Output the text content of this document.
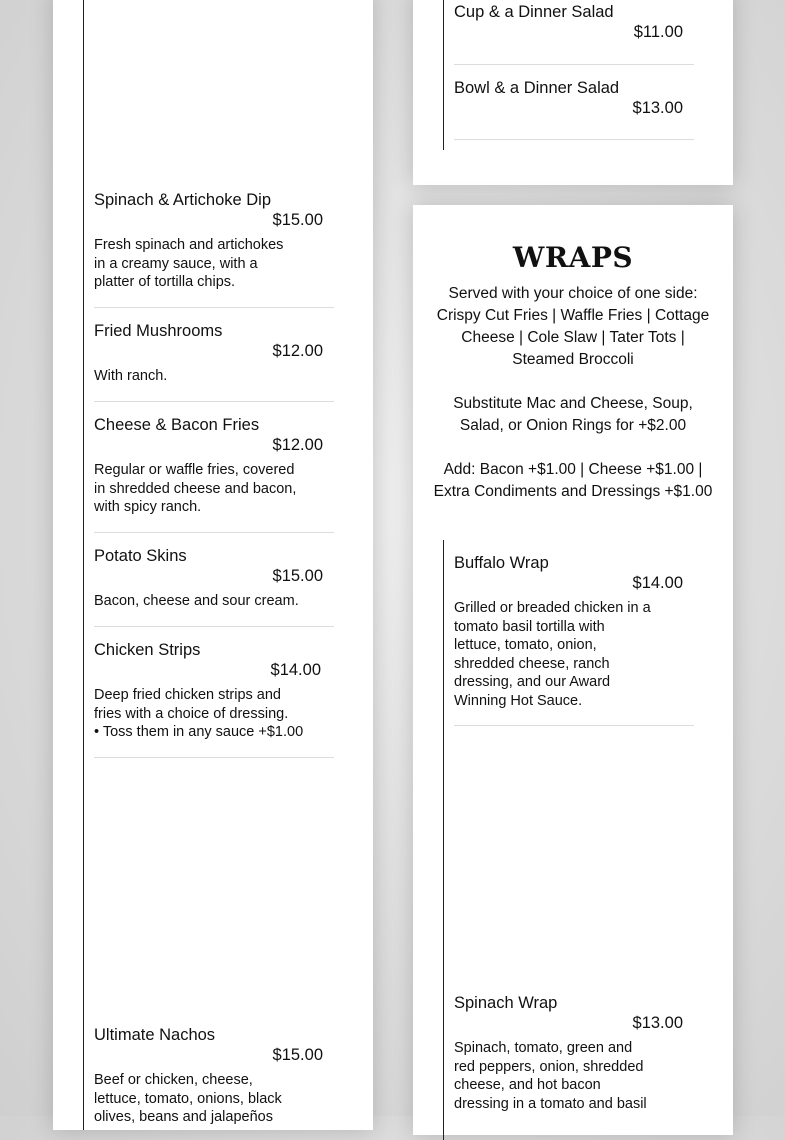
Spinach & Artichoke Dip
$15.00
Fresh spinach and artichokes
in a creamy sauce, with a
platter of tortilla chips.
Fried Mushrooms
$12.00
With ranch.
Cheese & Bacon Fries
$12.00
Regular or waffle fries, covered
in shredded cheese and bacon,
with spicy ranch.
Potato Skins
$15.00
Bacon, cheese and sour cream.
Chicken Strips
$14.00
Deep fried chicken strips and
fries with a choice of dressing.
• Toss them in any sauce +$1.00
Ultimate Nachos
$15.00
Beef or chicken, cheese,
lettuce, tomato, onions, black
olives, beans and jalapeños
Cup & a Dinner Salad
$11.00
Bowl & a Dinner Salad
$13.00
WRAPS
Served with your choice of one side: Crispy Cut Fries | Waffle Fries | Cottage Cheese | Cole Slaw | Tater Tots | Steamed Broccoli
Substitute Mac and Cheese, Soup, Salad, or Onion Rings for +$2.00
Add: Bacon +$1.00 | Cheese +$1.00 | Extra Condiments and Dressings +$1.00
Buffalo Wrap
$14.00
Grilled or breaded chicken in a
tomato basil tortilla with
lettuce, tomato, onion,
shredded cheese, ranch
dressing, and our Award
Winning Hot Sauce.
Spinach Wrap
$13.00
Spinach, tomato, green and
red peppers, onion, shredded
cheese, and hot bacon
dressing in a tomato and basil
